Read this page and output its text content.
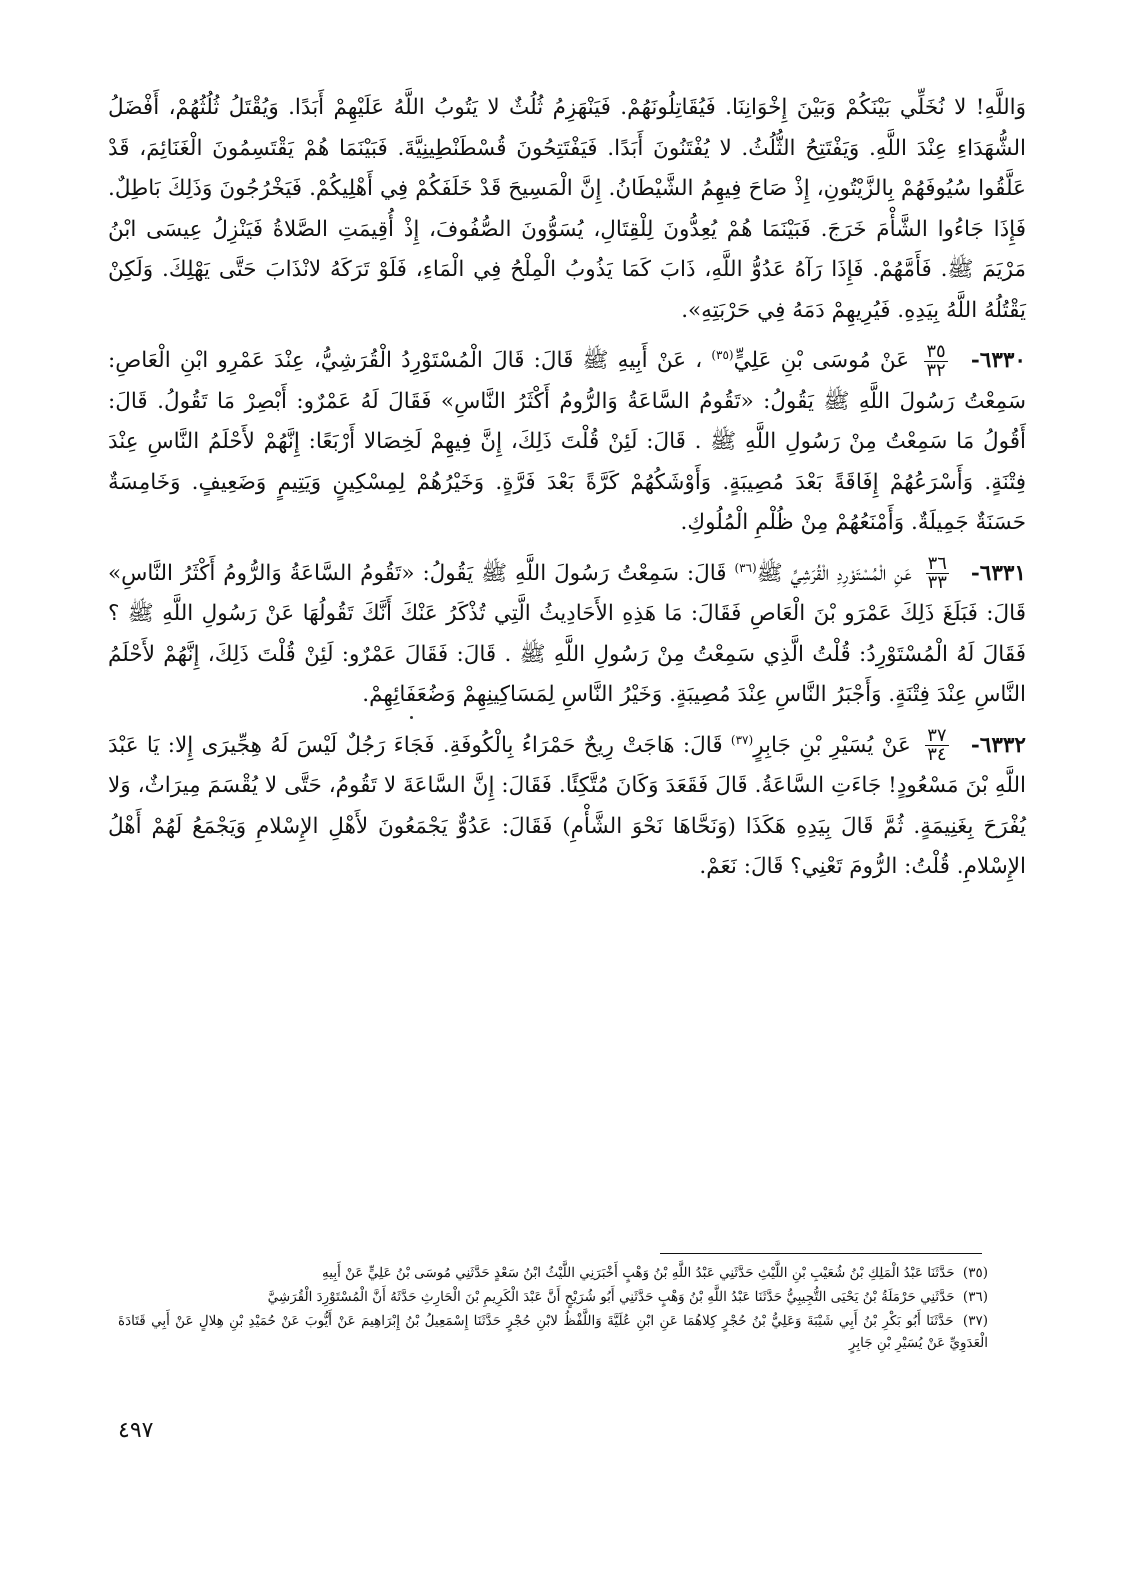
وَاللَّهِ! لا نُخَلِّي بَيْنَكُمْ وَبَيْنَ إِخْوَانِنَا. فَيُقَاتِلُونَهُمْ. فَيَنْهَزِمُ ثُلُثٌ لا يَتُوبُ اللَّهُ عَلَيْهِمْ أَبَدًا. وَيُقْتَلُ ثُلُثُهُمْ، أَفْضَلُ الشُّهَدَاءِ عِنْدَ اللَّهِ. وَيَفْتَتِحُ الثُّلُثُ. لا يُفْتَنُونَ أَبَدًا. فَيَفْتَتِحُونَ قُسْطَنْطِينِيَّةَ. فَبَيْنَمَا هُمْ يَقْتَسِمُونَ الْغَنَائِمَ، قَدْ عَلَّقُوا سُيُوفَهُمْ بِالزَّيْتُونِ، إِذْ صَاحَ فِيهِمُ الشَّيْطَانُ. إِنَّ الْمَسِيحَ قَدْ خَلَفَكُمْ فِي أَهْلِيكُمْ. فَيَخْرُجُونَ وَذَلِكَ بَاطِلٌ. فَإِذَا جَاءُوا الشَّأْمَ خَرَجَ. فَبَيْنَمَا هُمْ يُعِدُّونَ لِلْقِتَالِ، يُسَوُّونَ الصُّفُوفَ، إِذْ أُقِيمَتِ الصَّلاةُ فَيَنْزِلُ عِيسَى ابْنُ مَرْيَمَ ﷺ. فَأَمَّهُمْ. فَإِذَا رَآهُ عَدُوُّ اللَّهِ، ذَابَ كَمَا يَذُوبُ الْمِلْحُ فِي الْمَاءِ، فَلَوْ تَرَكَهُ لانْذَابَ حَتَّى يَهْلِكَ. وَلَكِنْ يَقْتُلُهُ اللَّهُ بِيَدِهِ. فَيُرِيهِمْ دَمَهُ فِي حَرْبَتِهِ».

٦٣٣٠-
$\frac{٣٥}{٣٢}$
عَنْ مُوسَى بْنِ عَلِيٍّ$^{(٣٥)}$ ، عَنْ أَبِيهِ ﷺ قَالَ: قَالَ الْمُسْتَوْرِدُ الْقُرَشِيُّ، عِنْدَ عَمْرِو ابْنِ الْعَاصِ: سَمِعْتُ رَسُولَ اللَّهِ ﷺ يَقُولُ: «تَقُومُ السَّاعَةُ وَالرُّومُ أَكْثَرُ النَّاسِ» فَقَالَ لَهُ عَمْرٌو: أَبْصِرْ مَا تَقُولُ. قَالَ: أَقُولُ مَا سَمِعْتُ مِنْ رَسُولِ اللَّهِ ﷺ . قَالَ: لَئِنْ قُلْتَ ذَلِكَ، إِنَّ فِيهِمْ لَخِصَالا أَرْبَعًا: إِنَّهُمْ لأَحْلَمُ النَّاسِ عِنْدَ فِتْنَةٍ. وَأَسْرَعُهُمْ إِفَاقَةً بَعْدَ مُصِيبَةٍ. وَأَوْشَكُهُمْ كَرَّةً بَعْدَ فَرَّةٍ. وَخَيْرُهُمْ لِمِسْكِينٍ وَيَتِيمٍ وَضَعِيفٍ. وَخَامِسَةٌ حَسَنَةٌ جَمِيلَةٌ. وَأَمْنَعُهُمْ مِنْ ظُلْمِ الْمُلُوكِ.

٦٣٣١-
$\frac{٣٦}{٣٣}$
عَنِ الْمُسْتَوْرِدِ الْقُرَشِيِّ ﷺ$^{(٣٦)}$ قَالَ: سَمِعْتُ رَسُولَ اللَّهِ ﷺ يَقُولُ: «تَقُومُ السَّاعَةُ وَالرُّومُ أَكْثَرُ النَّاسِ» قَالَ: فَبَلَغَ ذَلِكَ عَمْرَو بْنَ الْعَاصِ فَقَالَ: مَا هَذِهِ الأَحَادِيثُ الَّتِي تُذْكَرُ عَنْكَ أَنَّكَ تَقُولُهَا عَنْ رَسُولِ اللَّهِ ﷺ ؟ فَقَالَ لَهُ الْمُسْتَوْرِدُ: قُلْتُ الَّذِي سَمِعْتُ مِنْ رَسُولِ اللَّهِ ﷺ . قَالَ: فَقَالَ عَمْرٌو: لَئِنْ قُلْتَ ذَلِكَ، إِنَّهُمْ لأَحْلَمُ النَّاسِ عِنْدَ فِتْنَةٍ. وَأَجْبَرُ النَّاسِ عِنْدَ مُصِيبَةٍ. وَخَيْرُ النَّاسِ لِمَسَاكِينِهِمْ وَضُعَفَائِهِمْ.

٦٣٣٢-
$\frac{٣٧}{٣٤}$
عَنْ يُسَيْرِ بْنِ جَابِرٍ$^{(٣٧)}$ قَالَ: هَاجَتْ رِيحٌ حَمْرَاءُ بِالْكُوفَةِ. فَجَاءَ رَجُلٌ لَيْسَ لَهُ هِجِّيرَى إِلا: يَا عَبْدَ اللَّهِ بْنَ مَسْعُودٍ! جَاءَتِ السَّاعَةُ. قَالَ فَقَعَدَ وَكَانَ مُتَّكِئًا. فَقَالَ: إِنَّ السَّاعَةَ لا تَقُومُ، حَتَّى لا يُقْسَمَ مِيرَاثٌ، وَلا يُفْرَحَ بِغَنِيمَةٍ. ثُمَّ قَالَ بِيَدِهِ هَكَذَا (وَنَحَّاهَا نَحْوَ الشَّأْمِ) فَقَالَ: عَدُوٌّ يَجْمَعُونَ لأَهْلِ الإِسْلامِ وَيَجْمَعُ لَهُمْ أَهْلُ الإِسْلامِ. قُلْتُ: الرُّومَ تَعْنِي؟ قَالَ: نَعَمْ.

(٣٥) حَدَّثَنَا عَبْدُ الْمَلِكِ بْنُ شُعَيْبِ بْنِ اللَّيْثِ حَدَّثَنِي عَبْدُ اللَّهِ بْنُ وَهْبٍ أَخْبَرَنِي اللَّيْثُ ابْنُ سَعْدٍ حَدَّثَنِي مُوسَى بْنُ عَلِيٍّ عَنْ أَبِيهِ

(٣٦) حَدَّثَنِي حَرْمَلَةُ بْنُ يَحْيَى التُّجِيبِيُّ حَدَّثَنَا عَبْدُ اللَّهِ بْنُ وَهْبٍ حَدَّثَنِي أَبُو شُرَيْحٍ أَنَّ عَبْدَ الْكَرِيمِ بْنَ الْحَارِثِ حَدَّثَهُ أَنَّ الْمُسْتَوْرِدَ الْقُرَشِيَّ

(٣٧) حَدَّثَنَا أَبُو بَكْرِ بْنُ أَبِي شَيْبَةَ وَعَلِيُّ بْنُ حُجْرٍ كِلاهُمَا عَنِ ابْنِ عُلَيَّةَ وَاللَّفْظُ لابْنِ حُجْرٍ حَدَّثَنَا إِسْمَعِيلُ بْنُ إِبْرَاهِيمَ عَنْ أَيُّوبَ عَنْ حُمَيْدِ بْنِ هِلالٍ عَنْ أَبِي قَتَادَةَ الْعَدَوِيِّ عَنْ يُسَيْرِ بْنِ جَابِرٍ

٤٩٧
